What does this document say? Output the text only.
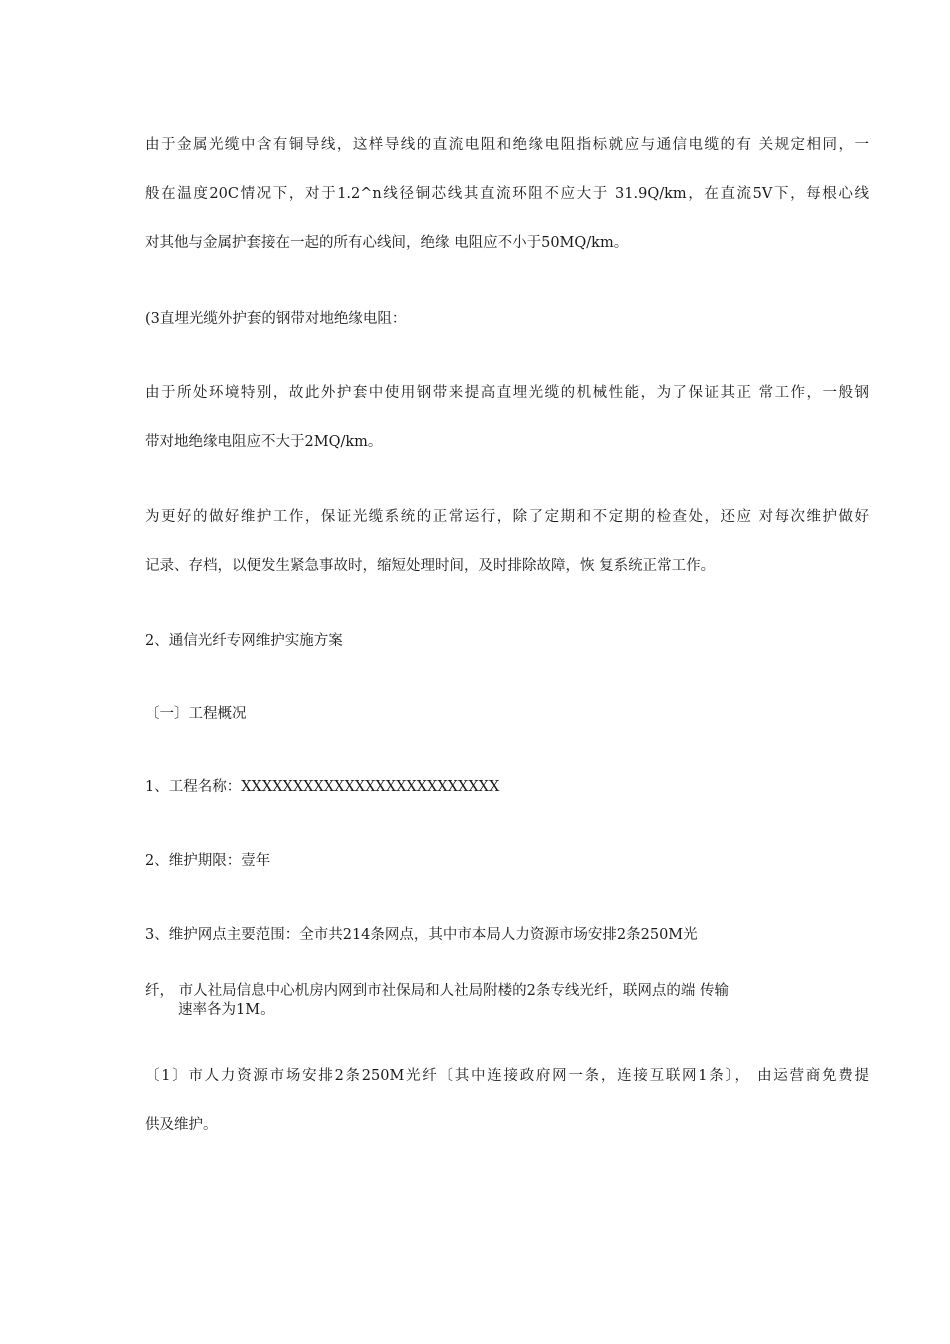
由于金属光缆中含有铜导线，这样导线的直流电阻和绝缘电阻指标就应与通信电缆的有 关规定相同，一
般在温度20C情况下，对于1.2^n线径铜芯线其直流环阻不应大于 31.9Q/km，在直流5V下，每根心线
对其他与金属护套接在一起的所有心线间，绝缘 电阻应不小于50MQ/km。
(3直埋光缆外护套的钢带对地绝缘电阻：
由于所处环境特别，故此外护套中使用钢带来提高直埋光缆的机械性能，为了保证其正 常工作，一般钢
带对地绝缘电阻应不大于2MQ/km。
为更好的做好维护工作，保证光缆系统的正常运行，除了定期和不定期的检查处，还应 对每次维护做好
记录、存档，以便发生紧急事故时，缩短处理时间，及时排除故障，恢 复系统正常工作。
2、通信光纤专网维护实施方案
〔一〕工程概况
1、工程名称：XXXXXXXXXXXXXXXXXXXXXXXXX
2、维护期限：壹年
3、维护网点主要范围：全市共214条网点，其中市本局人力资源市场安排2条250M光
纤， 市人社局信息中心机房内网到市社保局和人社局附楼的2条专线光纤，联网点的端 传输
速率各为1M。
〔1〕市人力资源市场安排2条250M光纤〔其中连接政府网一条，连接互联网1条〕， 由运营商免费提
供及维护。
